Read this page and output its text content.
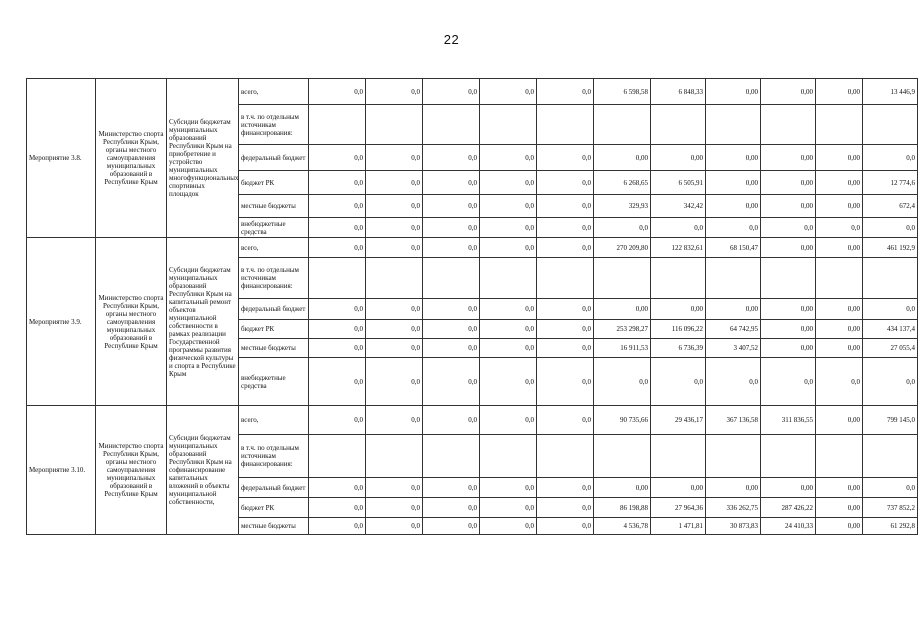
22
Мероприятие 3.8.	Министерство спорта Республики Крым, органы местного самоуправления муниципальных образований в Республике Крым	Субсидии бюджетам муниципальных образований Республики Крым на приобретение и устройство муниципальных многофункциональных спортивных площадок	всего,	0,0	0,0	0,0	0,0	0,0	6 598,58	6 848,33	0,00	0,00	0,00	13 446,9
			в т.ч. по отдельным источникам финансирования:											
			федеральный бюджет	0,0	0,0	0,0	0,0	0,0	0,00	0,00	0,00	0,00	0,00	0,0
			бюджет РК	0,0	0,0	0,0	0,0	0,0	6 268,65	6 505,91	0,00	0,00	0,00	12 774,6
			местные бюджеты	0,0	0,0	0,0	0,0	0,0	329,93	342,42	0,00	0,00	0,00	672,4
			внебюджетные средства	0,0	0,0	0,0	0,0	0,0	0,0	0,0	0,0	0,0	0,0	0,0
Мероприятие 3.9.	Министерство спорта Республики Крым, органы местного самоуправления муниципальных образований в Республике Крым	Субсидии бюджетам муниципальных образований Республики Крым на капитальный ремонт объектов муниципальной собственности в рамках реализации Государственной программы развития физической культуры и спорта в Республике Крым	всего,	0,0	0,0	0,0	0,0	0,0	270 209,80	122 832,61	68 150,47	0,00	0,00	461 192,9
			в т.ч. по отдельным источникам финансирования:											
			федеральный бюджет	0,0	0,0	0,0	0,0	0,0	0,00	0,00	0,00	0,00	0,00	0,0
			бюджет РК	0,0	0,0	0,0	0,0	0,0	253 298,27	116 096,22	64 742,95	0,00	0,00	434 137,4
			местные бюджеты	0,0	0,0	0,0	0,0	0,0	16 911,53	6 736,39	3 407,52	0,00	0,00	27 055,4
			внебюджетные средства	0,0	0,0	0,0	0,0	0,0	0,0	0,0	0,0	0,0	0,0	0,0
Мероприятие 3.10.	Министерство спорта Республики Крым, органы местного самоуправления муниципальных образований в Республике Крым	Субсидии бюджетам муниципальных образований Республики Крым на софинансирование капитальных вложений в объекты муниципальной собственности,	всего,	0,0	0,0	0,0	0,0	0,0	90 735,66	29 436,17	367 136,58	311 836,55	0,00	799 145,0
			в т.ч. по отдельным источникам финансирования:											
			федеральный бюджет	0,0	0,0	0,0	0,0	0,0	0,00	0,00	0,00	0,00	0,00	0,0
			бюджет РК	0,0	0,0	0,0	0,0	0,0	86 198,88	27 964,36	336 262,75	287 426,22	0,00	737 852,2
			местные бюджеты	0,0	0,0	0,0	0,0	0,0	4 536,78	1 471,81	30 873,83	24 410,33	0,00	61 292,8
